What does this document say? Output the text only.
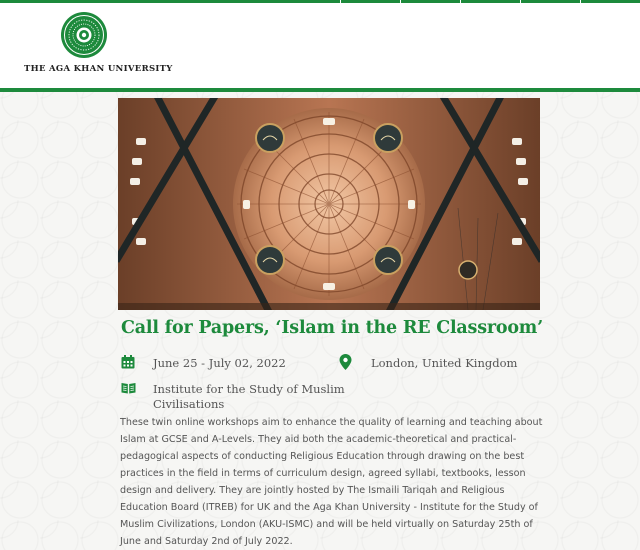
THE AGA KHAN UNIVERSITY
Call for Papers, ‘Islam in the RE Classroom’
June 25 - July 02, 2022	London, United Kingdom
Institute for the Study of Muslim
Civilisations

These twin online workshops aim to enhance the quality of learning and teaching about Islam at GCSE and A-Levels. They aid both the academic-theoretical and practical-pedagogical aspects of conducting Religious Education through drawing on the best practices in the field in terms of curriculum design, agreed syllabi, textbooks, lesson design and delivery. They are jointly hosted by The Ismaili Tariqah and Religious Education Board (ITREB) for UK and the Aga Khan University - Institute for the Study of Muslim Civilizations, London (AKU-ISMC) and will be held virtually on Saturday 25th of June and Saturday 2nd of July 2022.
